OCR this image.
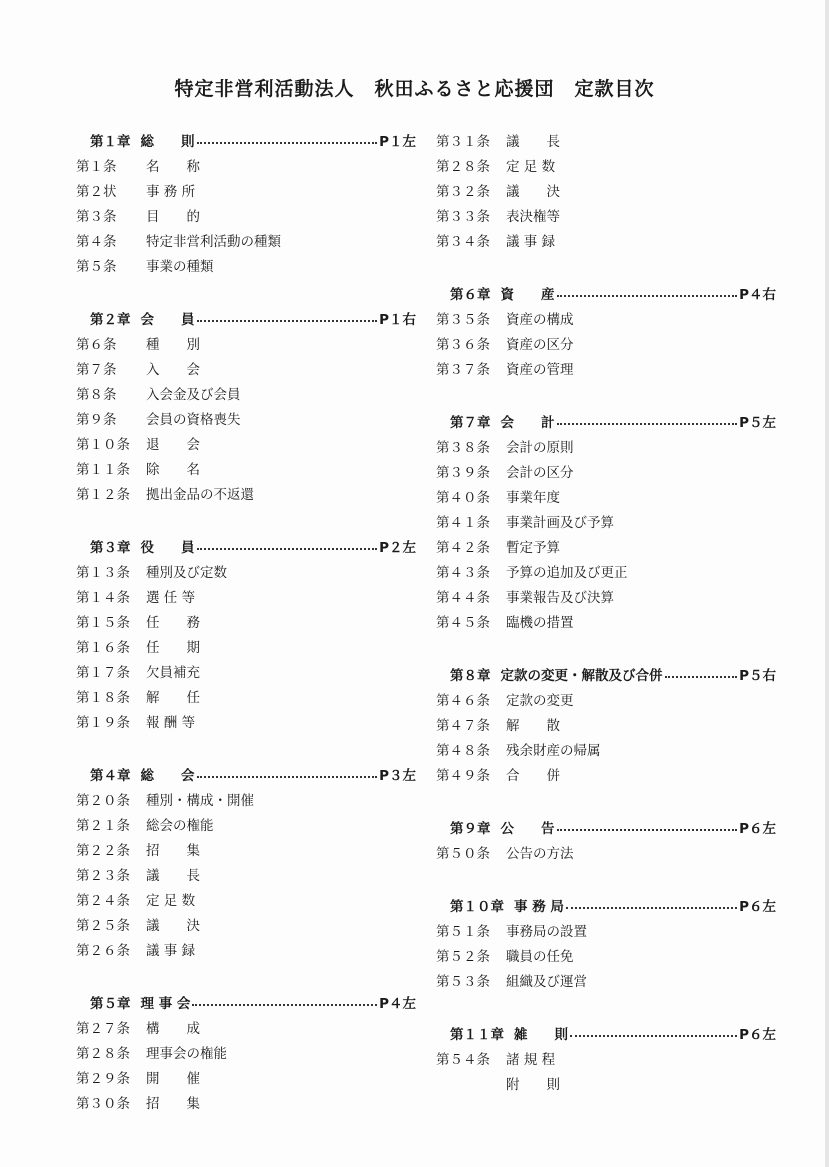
特定非営利活動法人　秋田ふるさと応援団　定款目次
第１章 総　　則	P１左
第１条	名　　称
第２状	事 務 所
第３条	目　　的
第４条	特定非営利活動の種類
第５条	事業の種類
第２章 会　　員	P１右
第６条	種　　別
第７条	入　　会
第８条	入会金及び会員
第９条	会員の資格喪失
第１０条	退　　会
第１１条	除　　名
第１２条	拠出金品の不返還
第３章 役　　員	P２左
第１３条	種別及び定数
第１４条	選 任 等
第１５条	任　　務
第１６条	任　　期
第１７条	欠員補充
第１８条	解　　任
第１９条	報 酬 等
第４章 総　　会	P３左
第２０条	種別・構成・開催
第２１条	総会の権能
第２２条	招　　集
第２３条	議　　長
第２４条	定 足 数
第２５条	議　　決
第２６条	議 事 録
第５章 理 事 会	P４左
第２７条	構　　成
第２８条	理事会の権能
第２９条	開　　催
第３０条	招　　集
第３１条	議　　長
第２８条	定 足 数
第３２条	議　　決
第３３条	表決権等
第３４条	議 事 録
第６章 資　　産	P４右
第３５条	資産の構成
第３６条	資産の区分
第３７条	資産の管理
第７章 会　　計	P５左
第３８条	会計の原則
第３９条	会計の区分
第４０条	事業年度
第４１条	事業計画及び予算
第４２条	暫定予算
第４３条	予算の追加及び更正
第４４条	事業報告及び決算
第４５条	臨機の措置
第８章 定款の変更・解散及び合併	P５右
第４６条	定款の変更
第４７条	解　　散
第４８条	残余財産の帰属
第４９条	合　　併
第９章 公　　告	P６左
第５０条	公告の方法
第１０章 事 務 局	P６左
第５１条	事務局の設置
第５２条	職員の任免
第５３条	組織及び運営
第１１章 雑　　則	P６左
第５４条	諸 規 程
附　　則
